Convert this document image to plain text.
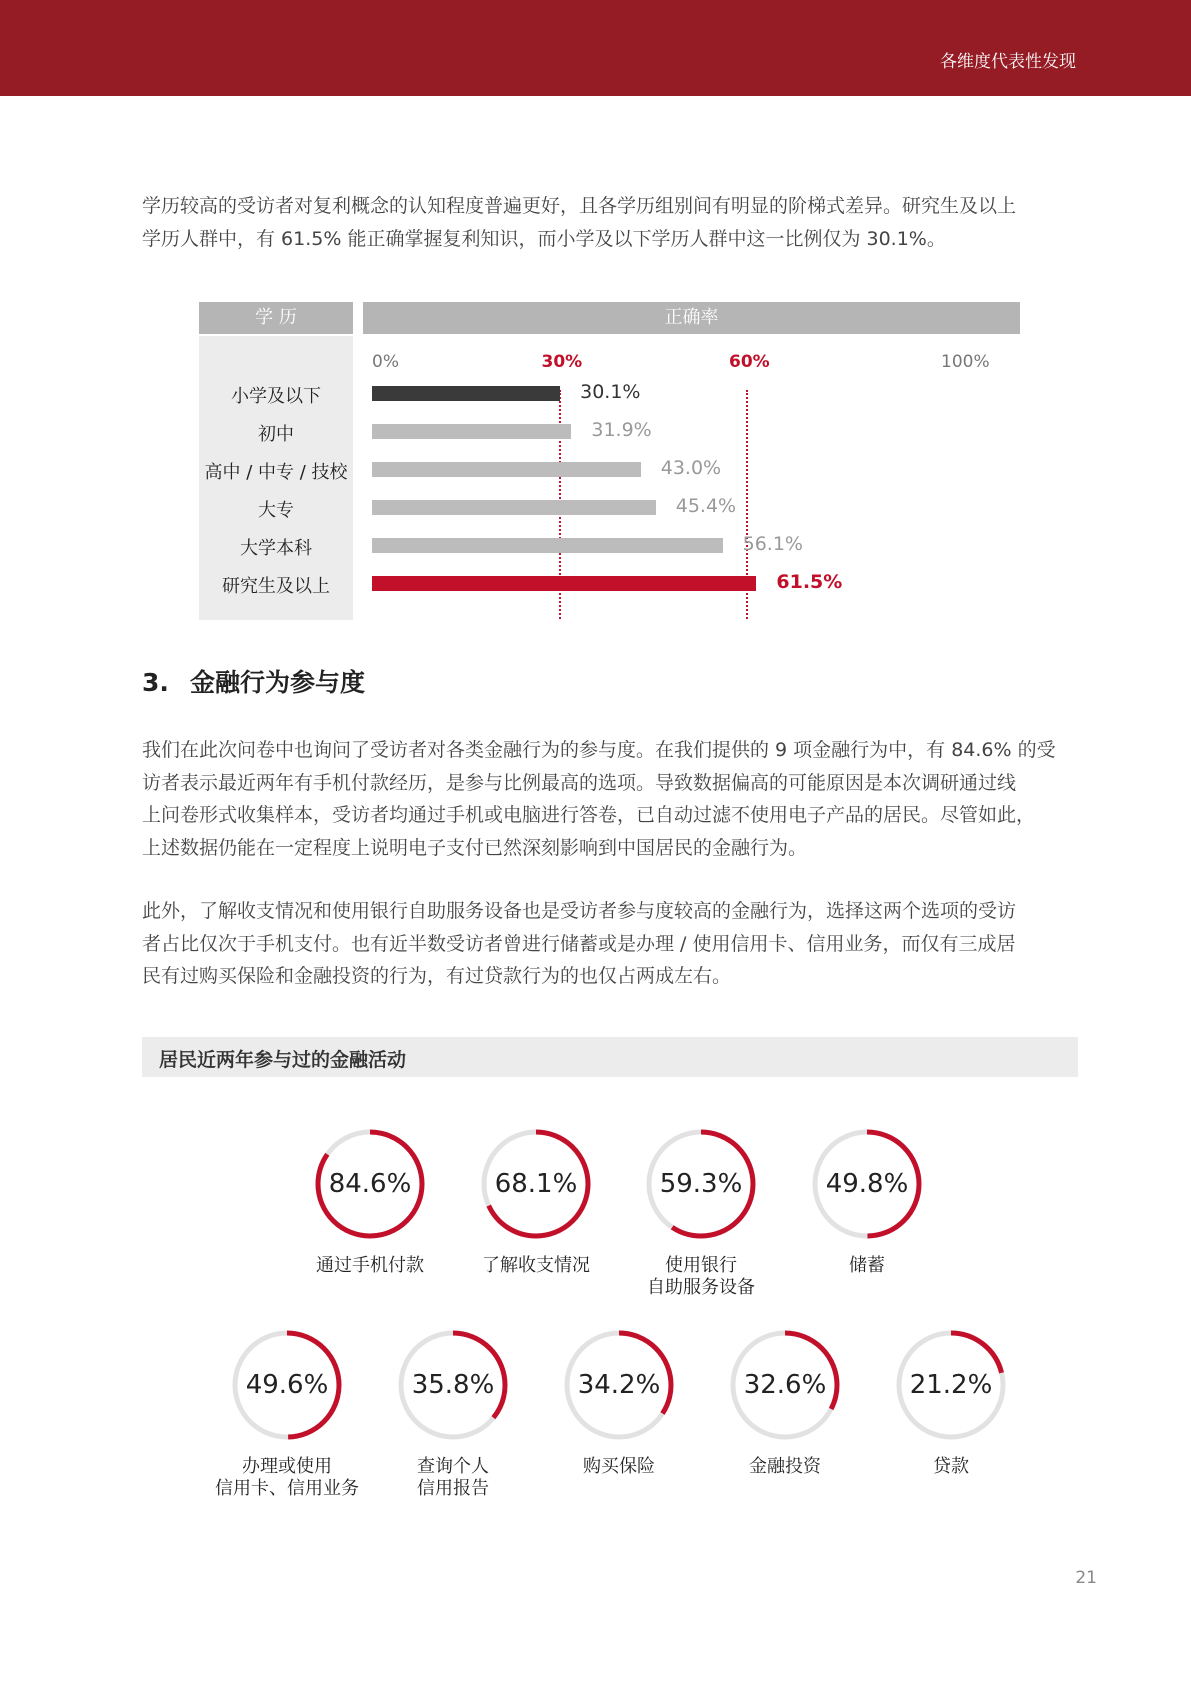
各维度代表性发现

学历较高的受访者对复利概念的认知程度普遍更好，且各学历组别间有明显的阶梯式差异。研究生及以上
学历人群中，有 61.5% 能正确掌握复利知识，而小学及以下学历人群中这一比例仅为 30.1%。

学 历	正确率
0%	30%	60%	100%
小学及以下	30.1%
初中	31.9%
高中 / 中专 / 技校	43.0%
大专	45.4%
大学本科	56.1%
研究生及以上	61.5%
3. 金融行为参与度

我们在此次问卷中也询问了受访者对各类金融行为的参与度。在我们提供的 9 项金融行为中，有 84.6% 的受
访者表示最近两年有手机付款经历，是参与比例最高的选项。导致数据偏高的可能原因是本次调研通过线
上问卷形式收集样本，受访者均通过手机或电脑进行答卷，已自动过滤不使用电子产品的居民。尽管如此，
上述数据仍能在一定程度上说明电子支付已然深刻影响到中国居民的金融行为。

此外，了解收支情况和使用银行自助服务设备也是受访者参与度较高的金融行为，选择这两个选项的受访
者占比仅次于手机支付。也有近半数受访者曾进行储蓄或是办理 / 使用信用卡、信用业务，而仅有三成居
民有过购买保险和金融投资的行为，有过贷款行为的也仅占两成左右。

居民近两年参与过的金融活动
84.6%
通过手机付款
68.1%
了解收支情况
59.3%
使用银行
自助服务设备
49.8%
储蓄
49.6%
办理或使用
信用卡、信用业务
35.8%
查询个人
信用报告
34.2%
购买保险
32.6%
金融投资
21.2%
贷款
21
